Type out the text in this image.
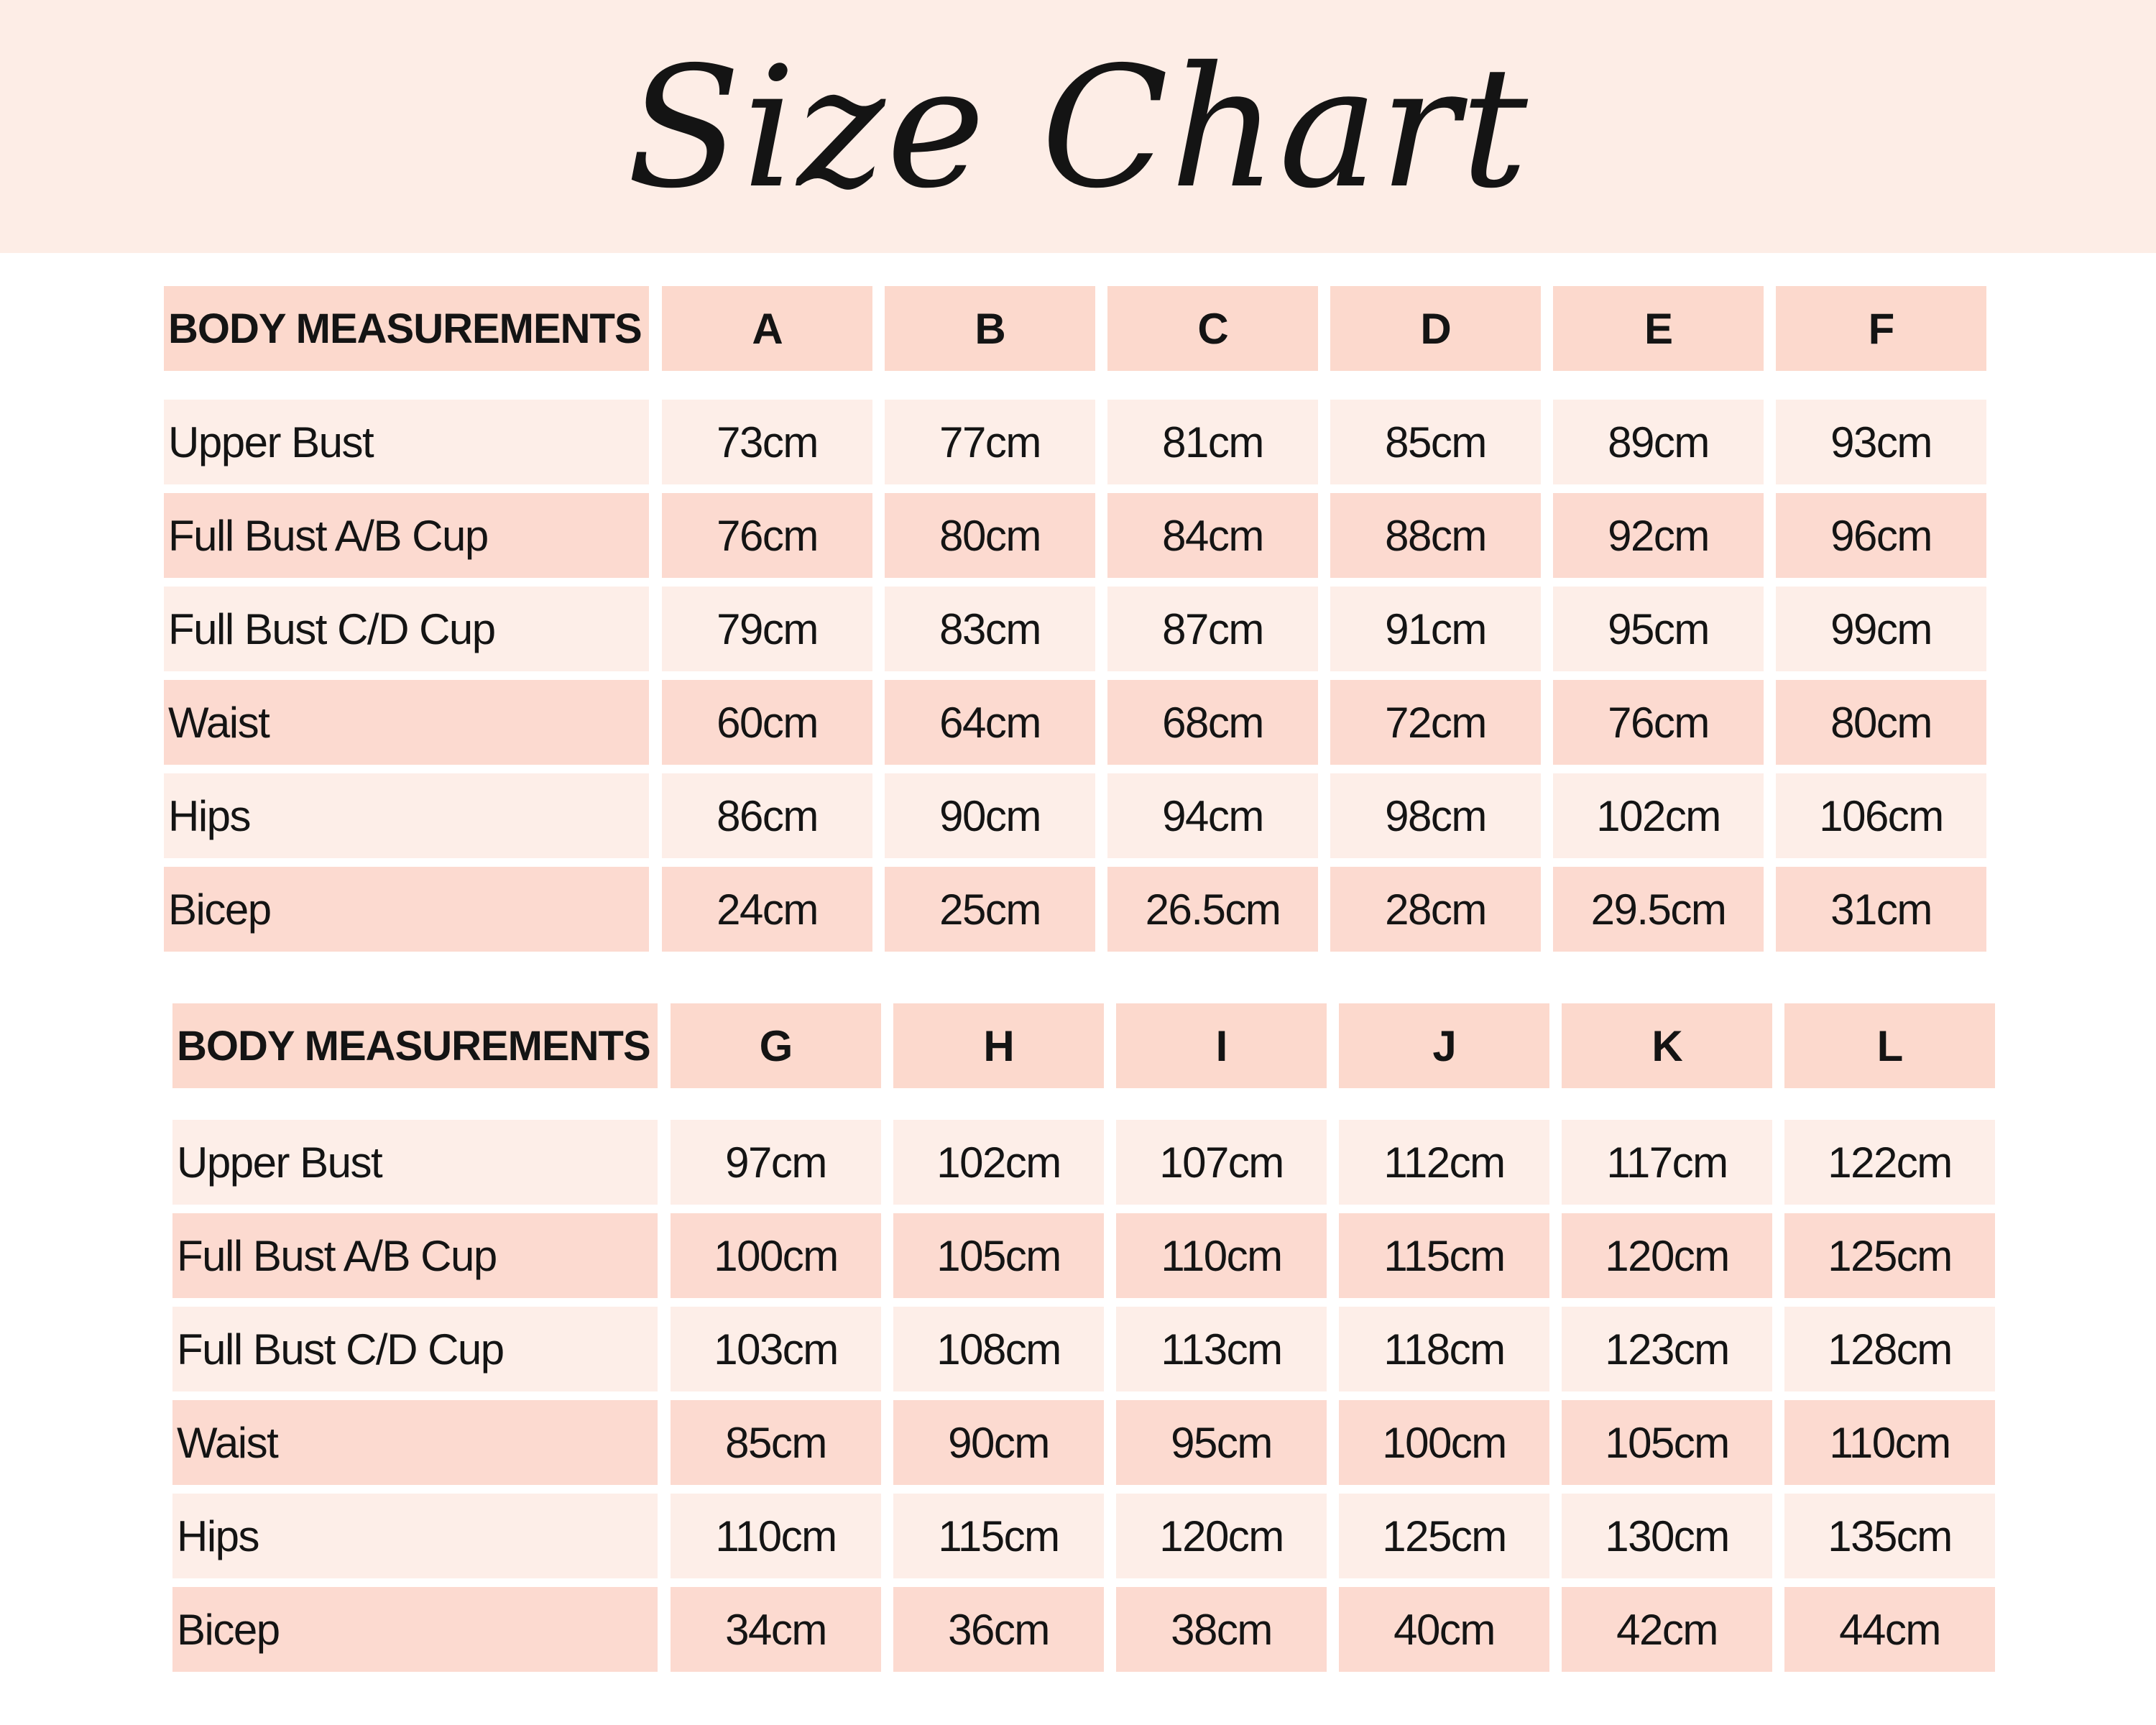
Size Chart
BODY MEASUREMENTS	A	B	C	D	E	F
Upper Bust	73cm	77cm	81cm	85cm	89cm	93cm
Full Bust A/B Cup	76cm	80cm	84cm	88cm	92cm	96cm
Full Bust C/D Cup	79cm	83cm	87cm	91cm	95cm	99cm
Waist	60cm	64cm	68cm	72cm	76cm	80cm
Hips	86cm	90cm	94cm	98cm	102cm	106cm
Bicep	24cm	25cm	26.5cm	28cm	29.5cm	31cm
BODY MEASUREMENTS	G	H	I	J	K	L
Upper Bust	97cm	102cm	107cm	112cm	117cm	122cm
Full Bust A/B Cup	100cm	105cm	110cm	115cm	120cm	125cm
Full Bust C/D Cup	103cm	108cm	113cm	118cm	123cm	128cm
Waist	85cm	90cm	95cm	100cm	105cm	110cm
Hips	110cm	115cm	120cm	125cm	130cm	135cm
Bicep	34cm	36cm	38cm	40cm	42cm	44cm
